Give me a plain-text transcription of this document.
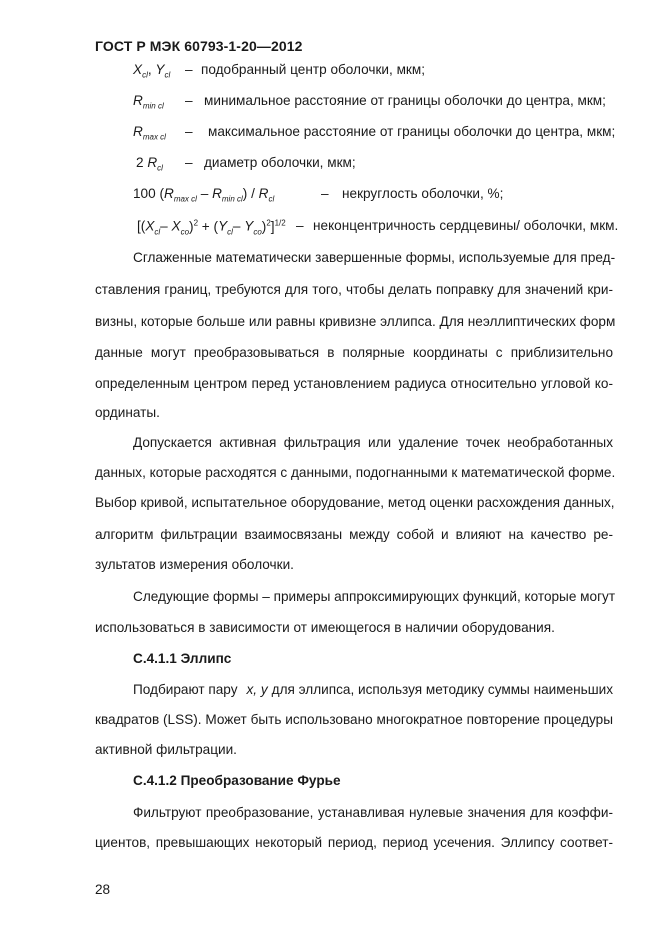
ГОСТ Р МЭК 60793-1-20—2012
$X_{cl}$, $Y_{cl}$ – подобранный центр оболочки, мкм;
$R_{min cl}$ – минимальное расстояние от границы оболочки до центра, мкм;
$R_{max cl}$ – максимальное расстояние от границы оболочки до центра, мкм;
2 $R_{cl}$ – диаметр оболочки, мкм;
100 $(R_{max cl} - R_{min cl}) / R_{cl}$	– некруглость оболочки, %;
[($X_{cl}-$ $X_{co})^2 + (Y_{cl}-$ $Y_{co})^2]^{1/2}$ – неконцентричность сердцевины/ оболочки, мкм.
Сглаженные математически завершенные формы, используемые для пред-
ставления границ, требуются для того, чтобы делать поправку для значений кри-
визны, которые больше или равны кривизне эллипса. Для неэллиптических форм
данные могут преобразовываться в полярные координаты с приблизительно
определенным центром перед установлением радиуса относительно угловой ко-
ординаты.
Допускается активная фильтрация или удаление точек необработанных
данных, которые расходятся с данными, подогнанными к математической форме.
Выбор кривой, испытательное оборудование, метод оценки расхождения данных,
алгоритм фильтрации взаимосвязаны между собой и влияют на качество ре-
зультатов измерения оболочки.
Следующие формы – примеры аппроксимирующих функций, которые могут
использоваться в зависимости от имеющегося в наличии оборудования.
С.4.1.1 Эллипс
Подбирают пару x, y для эллипса, используя методику суммы наименьших
квадратов (LSS). Может быть использовано многократное повторение процедуры
активной фильтрации.
С.4.1.2 Преобразование Фурье
Фильтруют преобразование, устанавливая нулевые значения для коэффи-
циентов, превышающих некоторый период, период усечения. Эллипсу соответ-
28
